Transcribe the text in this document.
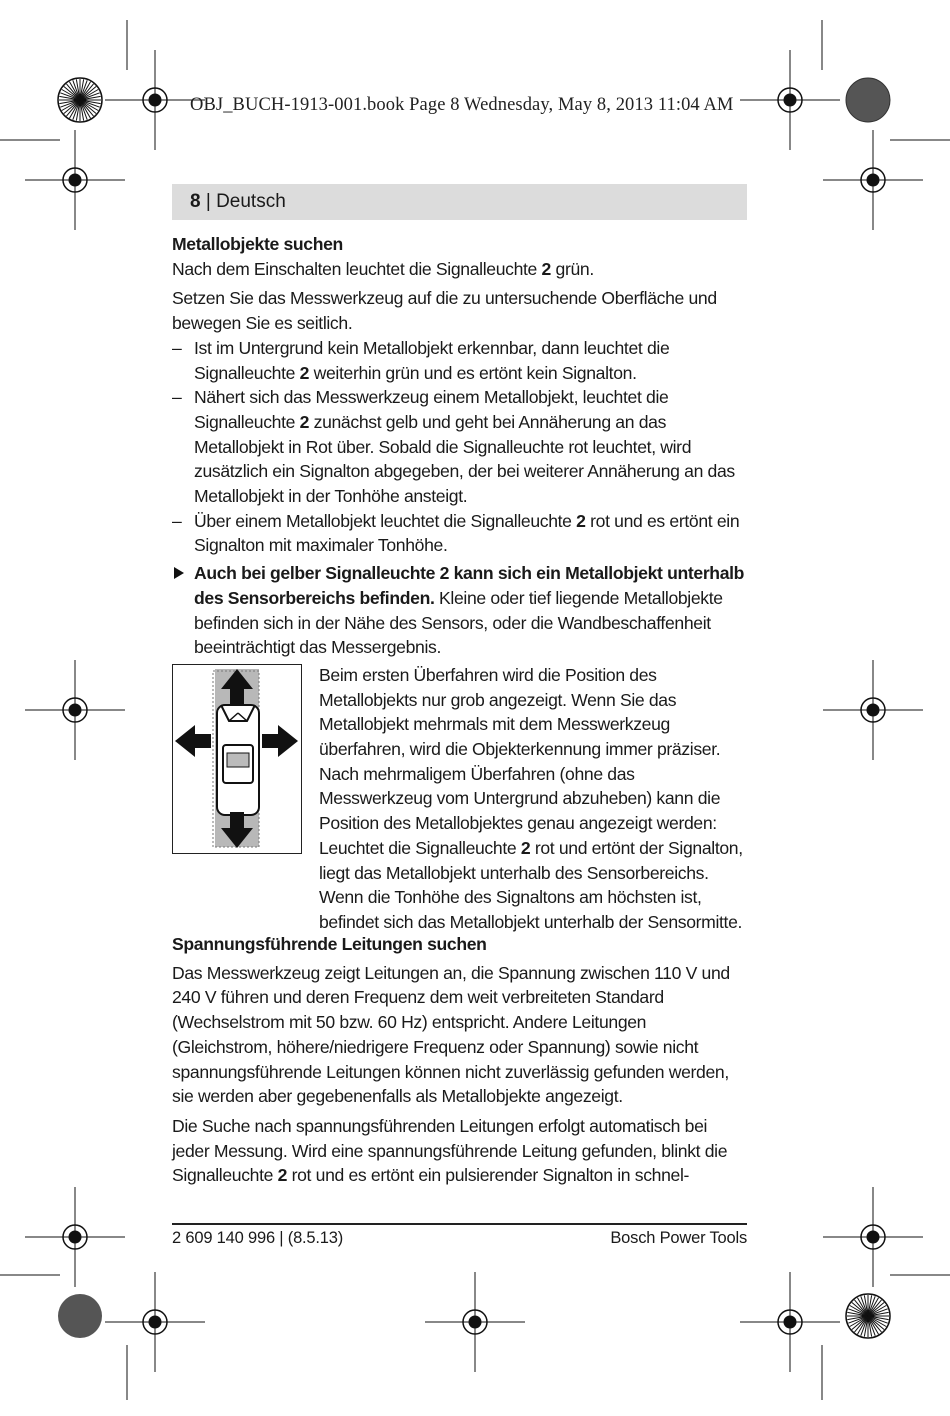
OBJ_BUCH-1913-001.book Page 8 Wednesday, May 8, 2013 11:04 AM
8 | Deutsch

Metallobjekte suchen

Nach dem Einschalten leuchtet die Signalleuchte 2 grün.

Setzen Sie das Messwerkzeug auf die zu untersuchende Oberfläche und bewegen Sie es seitlich.

– Ist im Untergrund kein Metallobjekt erkennbar, dann leuchtet die Signalleuchte 2 weiterhin grün und es ertönt kein Signalton.

– Nähert sich das Messwerkzeug einem Metallobjekt, leuchtet die Signalleuchte 2 zunächst gelb und geht bei Annäherung an das Metallobjekt in Rot über. Sobald die Signalleuchte rot leuchtet, wird zusätzlich ein Signalton abgegeben, der bei weiterer Annäherung an das Metallobjekt in der Tonhöhe ansteigt.

– Über einem Metallobjekt leuchtet die Signalleuchte 2 rot und es ertönt ein Signalton mit maximaler Tonhöhe.

Auch bei gelber Signalleuchte 2 kann sich ein Metallobjekt unterhalb des Sensorbereichs befinden. Kleine oder tief liegende Metallobjekte befinden sich in der Nähe des Sensors, oder die Wandbeschaffenheit beeinträchtigt das Messergebnis.

Beim ersten Überfahren wird die Position des Metallobjekts nur grob angezeigt. Wenn Sie das Metallobjekt mehrmals mit dem Messwerkzeug überfahren, wird die Objekterkennung immer präziser. Nach mehrmaligem Überfahren (ohne das Messwerkzeug vom Untergrund abzuheben) kann die Position des Metallobjektes genau angezeigt werden: Leuchtet die Signalleuchte 2 rot und ertönt der Signalton, liegt das Metallobjekt unterhalb des Sensorbereichs. Wenn die Tonhöhe des Signaltons am höchsten ist, befindet sich das Metallobjekt unterhalb der Sensormitte.

Spannungsführende Leitungen suchen

Das Messwerkzeug zeigt Leitungen an, die Spannung zwischen 110 V und 240 V führen und deren Frequenz dem weit verbreiteten Standard (Wechselstrom mit 50 bzw. 60 Hz) entspricht. Andere Leitungen (Gleichstrom, höhere/niedrigere Frequenz oder Spannung) sowie nicht spannungsführende Leitungen können nicht zuverlässig gefunden werden, sie werden aber gegebenenfalls als Metallobjekte angezeigt.

Die Suche nach spannungsführenden Leitungen erfolgt automatisch bei jeder Messung. Wird eine spannungsführende Leitung gefunden, blinkt die Signalleuchte 2 rot und es ertönt ein pulsierender Signalton in schnel-

2 609 140 996 | (8.5.13)	Bosch Power Tools
